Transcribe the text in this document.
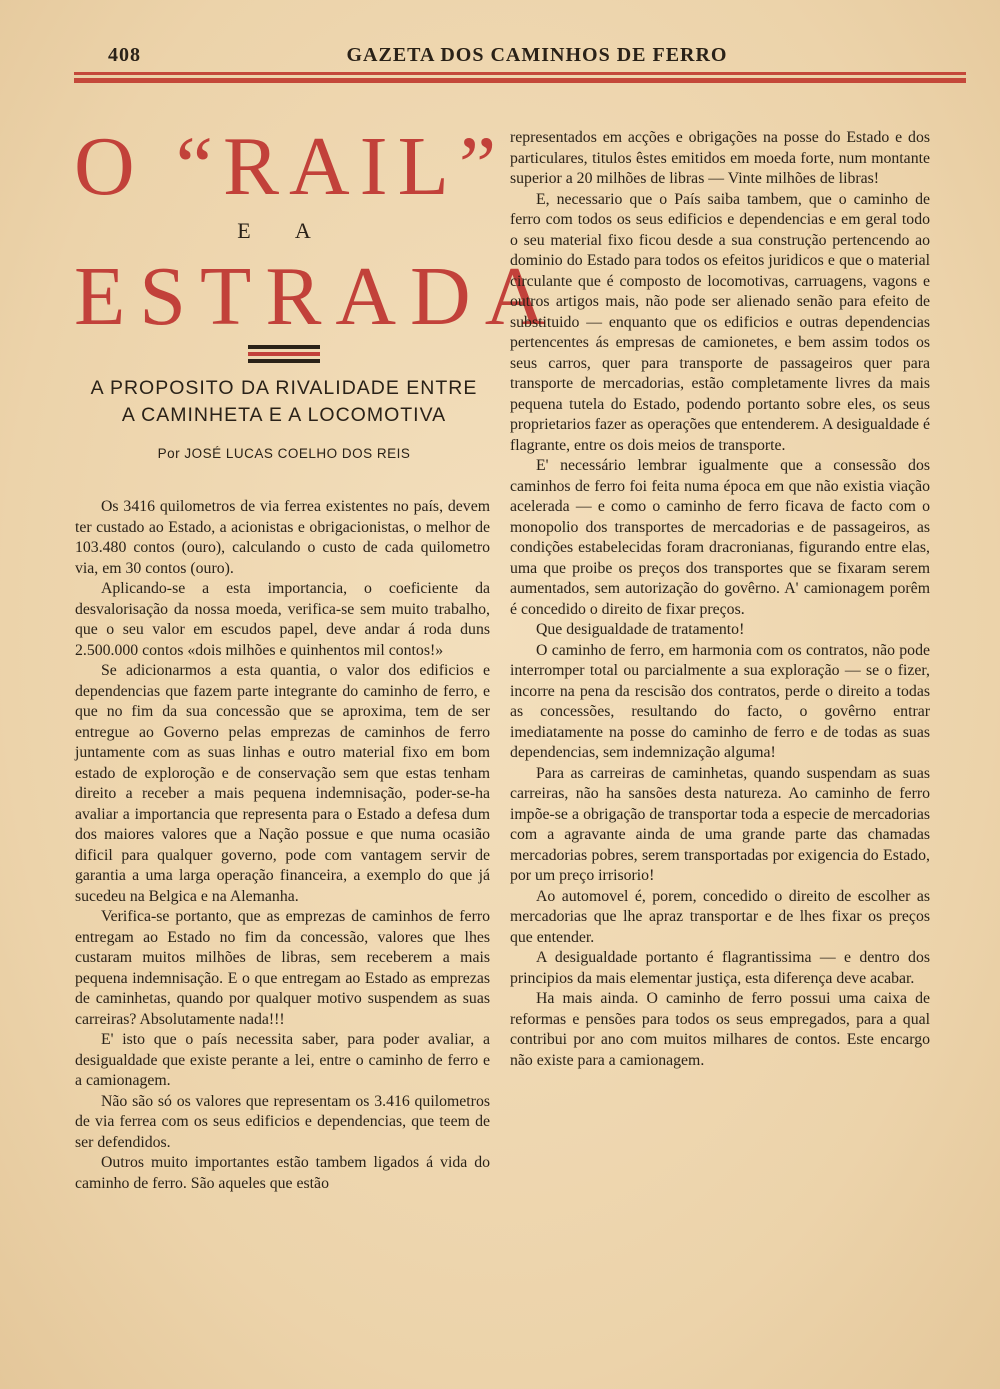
408	GAZETA DOS CAMINHOS DE FERRO
O “RAIL”
E A
ESTRADA
A PROPOSITO DA RIVALIDADE ENTRE
A CAMINHETA E A LOCOMOTIVA
Por JOSÉ LUCAS COELHO DOS REIS

Os 3416 quilometros de via ferrea existentes no país, devem ter custado ao Estado, a acionistas e obrigacionistas, o melhor de 103.480 contos (ouro), calculando o custo de cada quilometro via, em 30 contos (ouro).

Aplicando-se a esta importancia, o coeficiente da desvalorisação da nossa moeda, verifica-se sem muito trabalho, que o seu valor em escudos papel, deve andar á roda duns 2.500.000 contos «dois milhões e quinhentos mil contos!»

Se adicionarmos a esta quantia, o valor dos edificios e dependencias que fazem parte integrante do caminho de ferro, e que no fim da sua concessão que se aproxima, tem de ser entregue ao Governo pelas emprezas de caminhos de ferro juntamente com as suas linhas e outro material fixo em bom estado de exploroção e de conservação sem que estas tenham direito a receber a mais pequena indemnisação, poder-se-ha avaliar a importancia que representa para o Estado a defesa dum dos maiores valores que a Nação possue e que numa ocasião dificil para qualquer governo, pode com vantagem servir de garantia a uma larga operação financeira, a exemplo do que já sucedeu na Belgica e na Alemanha.

Verifica-se portanto, que as emprezas de caminhos de ferro entregam ao Estado no fim da concessão, valores que lhes custaram muitos milhões de libras, sem receberem a mais pequena indemnisação. E o que entregam ao Estado as emprezas de caminhetas, quando por qualquer motivo suspendem as suas carreiras? Absolutamente nada!!!

E' isto que o país necessita saber, para poder avaliar, a desigualdade que existe perante a lei, entre o caminho de ferro e a camionagem.

Não são só os valores que representam os 3.416 quilometros de via ferrea com os seus edificios e dependencias, que teem de ser defendidos.

Outros muito importantes estão tambem ligados á vida do caminho de ferro. São aqueles que estão

representados em acções e obrigações na posse do Estado e dos particulares, titulos êstes emitidos em moeda forte, num montante superior a 20 milhões de libras — Vinte milhões de libras!

E, necessario que o País saiba tambem, que o caminho de ferro com todos os seus edificios e dependencias e em geral todo o seu material fixo ficou desde a sua construção pertencendo ao dominio do Estado para todos os efeitos juridicos e que o material circulante que é composto de locomotivas, carruagens, vagons e outros artigos mais, não pode ser alienado senão para efeito de substituido — enquanto que os edificios e outras dependencias pertencentes ás empresas de camionetes, e bem assim todos os seus carros, quer para transporte de passageiros quer para transporte de mercadorias, estão completamente livres da mais pequena tutela do Estado, podendo portanto sobre eles, os seus proprietarios fazer as operações que entenderem. A desigualdade é flagrante, entre os dois meios de transporte.

E' necessário lembrar igualmente que a consessão dos caminhos de ferro foi feita numa época em que não existia viação acelerada — e como o caminho de ferro ficava de facto com o monopolio dos transportes de mercadorias e de passageiros, as condições estabelecidas foram dracronianas, figurando entre elas, uma que proibe os preços dos transportes que se fixaram serem aumentados, sem autorização do govêrno. A' camionagem porêm é concedido o direito de fixar preços.

Que desigualdade de tratamento!

O caminho de ferro, em harmonia com os contratos, não pode interromper total ou parcialmente a sua exploração — se o fizer, incorre na pena da rescisão dos contratos, perde o direito a todas as concessões, resultando do facto, o govêrno entrar imediatamente na posse do caminho de ferro e de todas as suas dependencias, sem indemnização alguma!

Para as carreiras de caminhetas, quando suspendam as suas carreiras, não ha sansões desta natureza. Ao caminho de ferro impõe-se a obrigação de transportar toda a especie de mercadorias com a agravante ainda de uma grande parte das chamadas mercadorias pobres, serem transportadas por exigencia do Estado, por um preço irrisorio!

Ao automovel é, porem, concedido o direito de escolher as mercadorias que lhe apraz transportar e de lhes fixar os preços que entender.

A desigualdade portanto é flagrantissima — e dentro dos principios da mais elementar justiça, esta diferença deve acabar.

Ha mais ainda. O caminho de ferro possui uma caixa de reformas e pensões para todos os seus empregados, para a qual contribui por ano com muitos milhares de contos. Este encargo não existe para a camionagem.
